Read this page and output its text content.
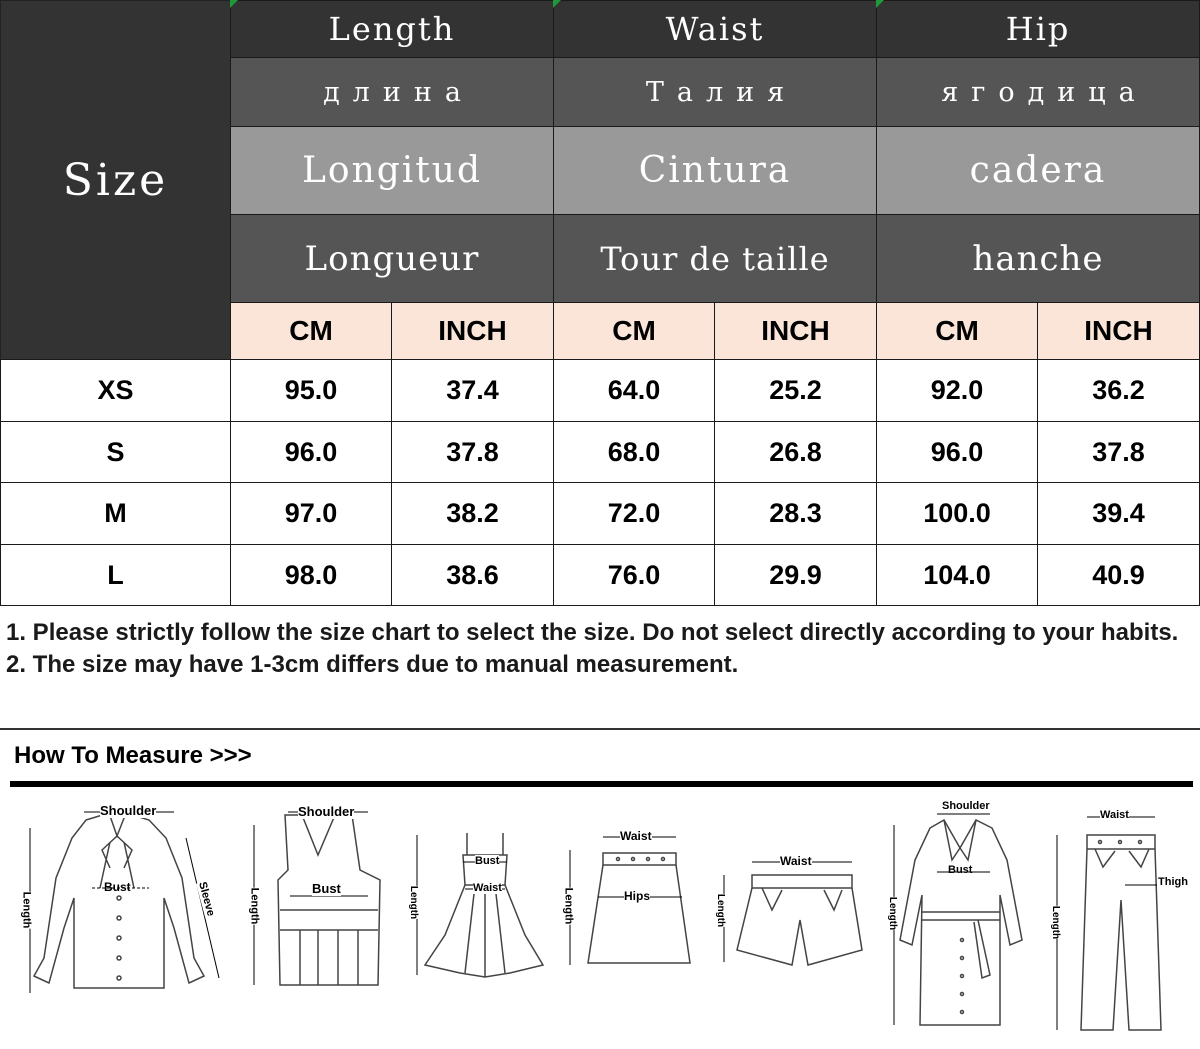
Size
Length	Waist	Hip
длина	Талия	ягодица
Longitud	Cintura	cadera
Longueur	Tour de taille	hanche
CM	INCH	CM	INCH	CM	INCH
XS	95.0	37.4	64.0	25.2	92.0	36.2
S	96.0	37.8	68.0	26.8	96.0	37.8
M	97.0	38.2	72.0	28.3	100.0	39.4
L	98.0	38.6	76.0	29.9	104.0	40.9

1. Please strictly follow the size chart to select the size. Do not select directly according to your habits.

2. The size may have 1-3cm differs due to manual measurement.

How To Measure >>>
Shoulder
Bust
Length	Sleeve
Shoulder
Bust
Length
Bust
Waist
Length
Waist
Hips
Length
Waist
Length
Shoulder
Bust
Length
Waist
Thigh
Length
